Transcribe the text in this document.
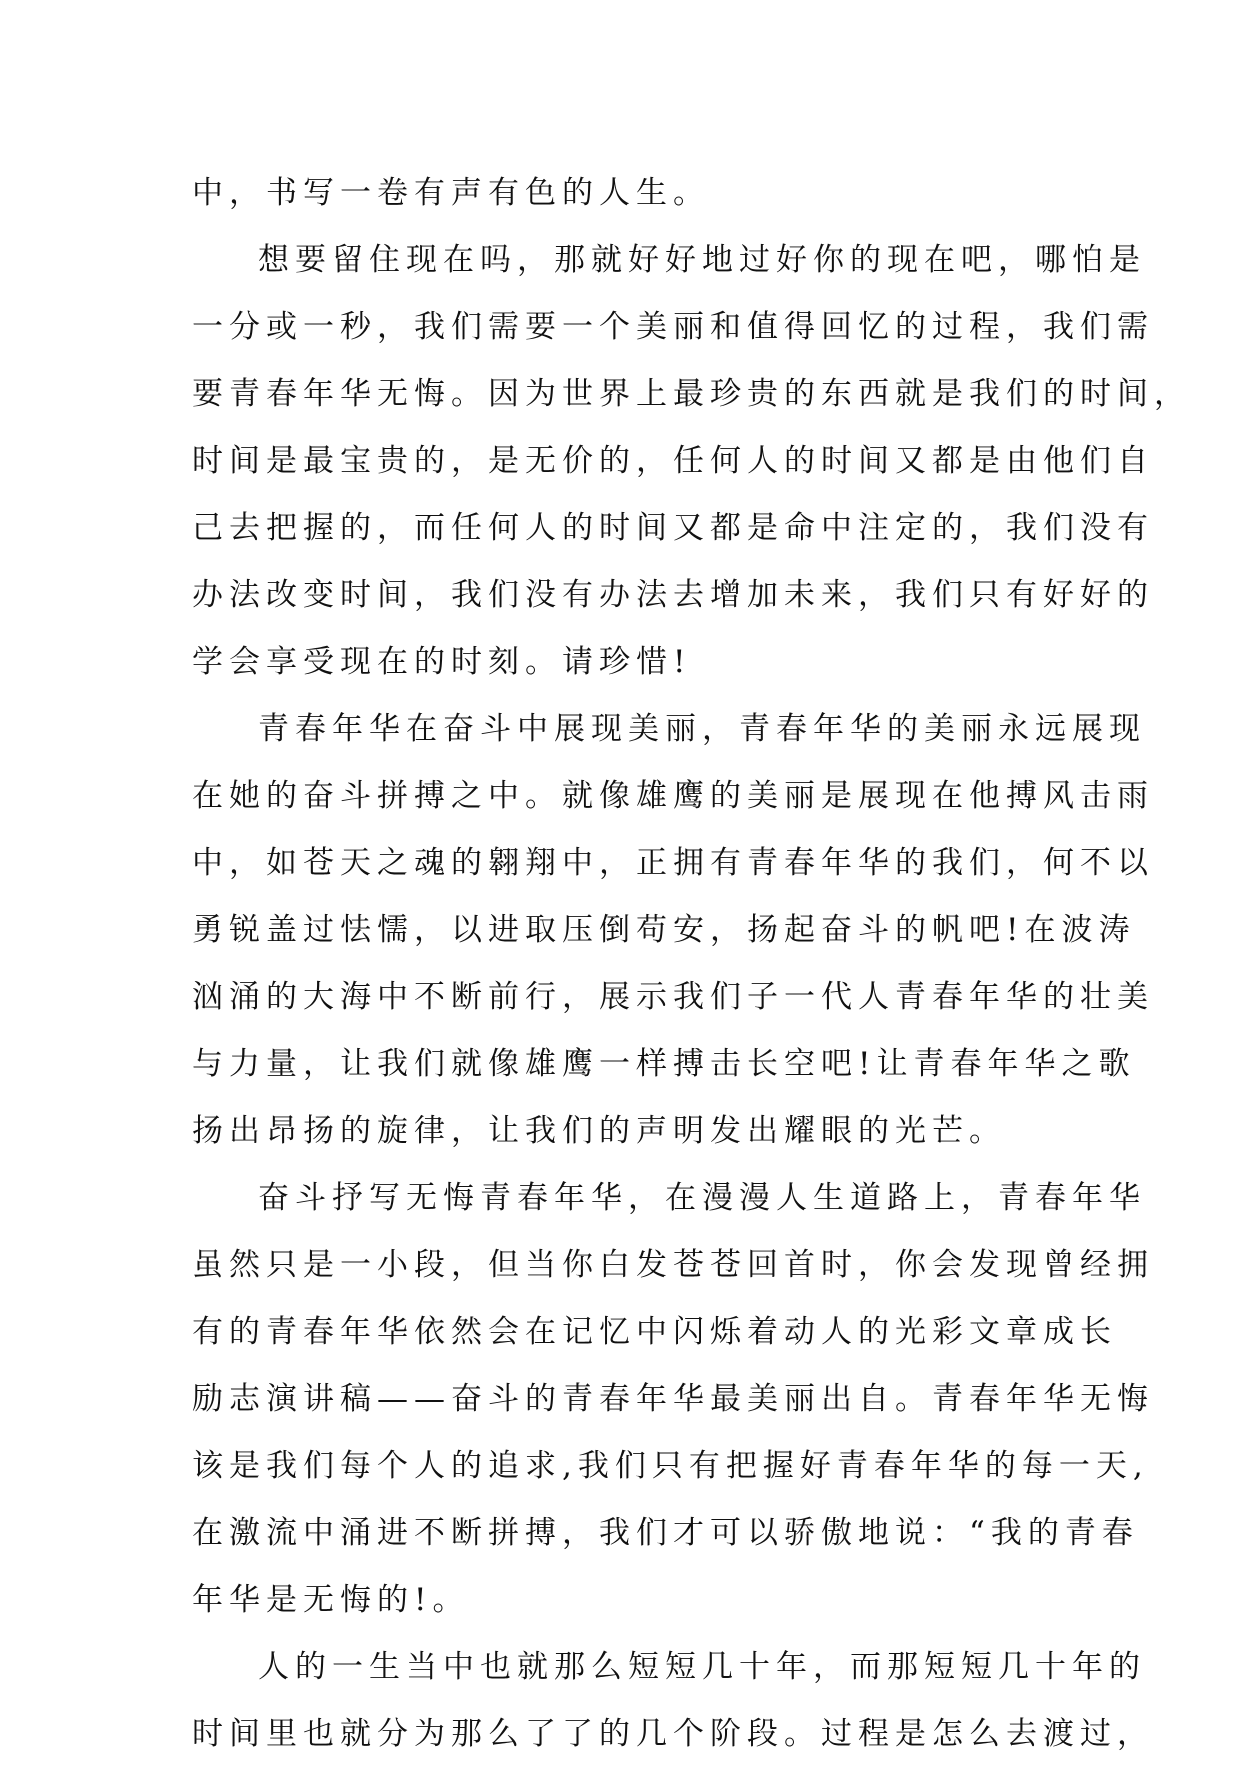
中，书写一卷有声有色的人生。
想要留住现在吗，那就好好地过好你的现在吧，哪怕是
一分或一秒，我们需要一个美丽和值得回忆的过程，我们需
要青春年华无悔。因为世界上最珍贵的东西就是我们的时间，
时间是最宝贵的，是无价的，任何人的时间又都是由他们自
己去把握的，而任何人的时间又都是命中注定的，我们没有
办法改变时间，我们没有办法去增加未来，我们只有好好的
学会享受现在的时刻。请珍惜!
青春年华在奋斗中展现美丽，青春年华的美丽永远展现
在她的奋斗拼搏之中。就像雄鹰的美丽是展现在他搏风击雨
中，如苍天之魂的翱翔中，正拥有青春年华的我们，何不以
勇锐盖过怯懦，以进取压倒苟安，扬起奋斗的帆吧!在波涛
汹涌的大海中不断前行，展示我们子一代人青春年华的壮美
与力量，让我们就像雄鹰一样搏击长空吧!让青春年华之歌
扬出昂扬的旋律，让我们的声明发出耀眼的光芒。
奋斗抒写无悔青春年华，在漫漫人生道路上，青春年华
虽然只是一小段，但当你白发苍苍回首时，你会发现曾经拥
有的青春年华依然会在记忆中闪烁着动人的光彩文章成长
励志演讲稿——奋斗的青春年华最美丽出自。青春年华无悔
该是我们每个人的追求,我们只有把握好青春年华的每一天,
在激流中涌进不断拼搏，我们才可以骄傲地说：“我的青春
年华是无悔的!。
人的一生当中也就那么短短几十年，而那短短几十年的
时间里也就分为那么了了的几个阶段。过程是怎么去渡过，
